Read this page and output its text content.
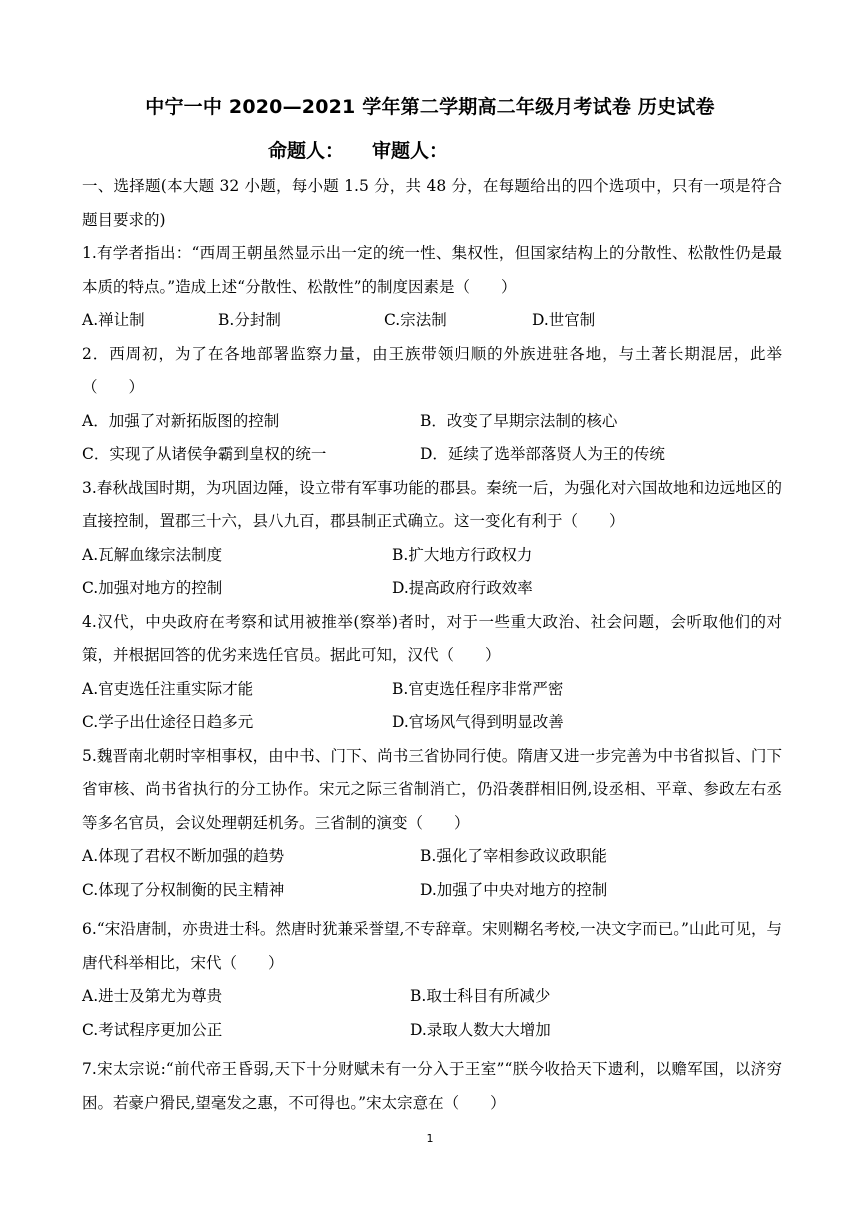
中宁一中 2020—2021 学年第二学期高二年级月考试卷 历史试卷
命题人： 审题人：

一、选择题(本大题 32 小题，每小题 1.5 分，共 48 分，在每题给出的四个选项中，只有一项是符合题目要求的)

1.有学者指出：“西周王朝虽然显示出一定的统一性、集权性，但国家结构上的分散性、松散性仍是最本质的特点。”造成上述“分散性、松散性”的制度因素是（　　）

A.禅让制	B.分封制	C.宗法制	D.世官制

2．西周初，为了在各地部署监察力量，由王族带领归顺的外族进驻各地，与土著长期混居，此举（　　）

A．加强了对新拓版图的控制	B．改变了早期宗法制的核心
C．实现了从诸侯争霸到皇权的统一	D．延续了选举部落贤人为王的传统

3.春秋战国时期，为巩固边陲，设立带有军事功能的郡县。秦统一后，为强化对六国故地和边远地区的直接控制，置郡三十六，县八九百，郡县制正式确立。这一变化有利于（　　）

A.瓦解血缘宗法制度	B.扩大地方行政权力
C.加强对地方的控制	D.提高政府行政效率

4.汉代，中央政府在考察和试用被推举(察举)者时，对于一些重大政治、社会问题，会听取他们的对策，并根据回答的优劣来选任官员。据此可知，汉代（　　）

A.官吏选任注重实际才能	B.官吏选任程序非常严密
C.学子出仕途径日趋多元	D.官场风气得到明显改善

5.魏晋南北朝时宰相事权，由中书、门下、尚书三省协同行使。隋唐又进一步完善为中书省拟旨、门下省审核、尚书省执行的分工协作。宋元之际三省制消亡，仍沿袭群相旧例,设丞相、平章、参政左右丞等多名官员，会议处理朝廷机务。三省制的演变（　　）

A.体现了君权不断加强的趋势	B.强化了宰相参政议政职能
C.体现了分权制衡的民主精神	D.加强了中央对地方的控制

6.“宋沿唐制，亦贵进士科。然唐时犹兼采誉望,不专辞章。宋则糊名考校,一决文字而已。”山此可见，与唐代科举相比，宋代（　　）

A.进士及第尤为尊贵	B.取士科目有所减少
C.考试程序更加公正	D.录取人数大大增加

7.宋太宗说:“前代帝王昏弱,天下十分财赋未有一分入于王室”“朕今收拾天下遗利，以赡军国，以济穷困。若豪户猾民,望毫发之惠，不可得也。”宋太宗意在（　　）

1
